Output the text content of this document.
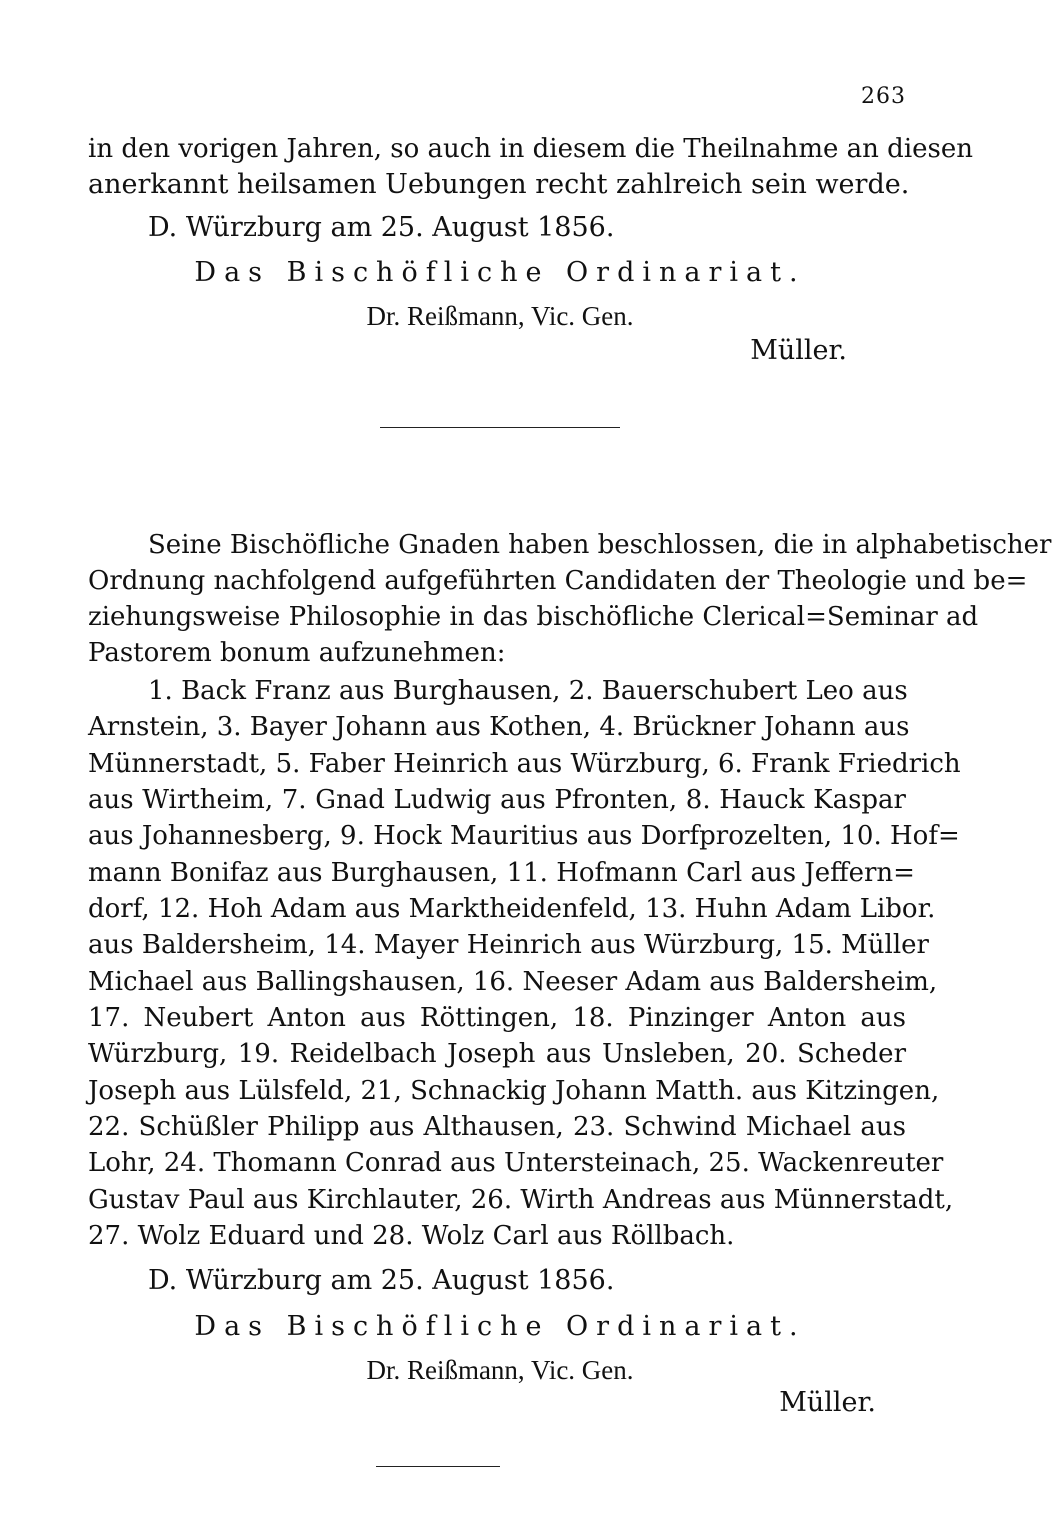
263
in den vorigen Jahren, so auch in diesem die Theilnahme an diesen
anerkannt heilsamen Uebungen recht zahlreich sein werde.
D. Würzburg am 25. August 1856.
Das Bischöfliche Ordinariat.
Dr. Reißmann, Vic. Gen.
Müller.
Seine Bischöfliche Gnaden haben beschlossen, die in alphabetischer
Ordnung nachfolgend aufgeführten Candidaten der Theologie und be=
ziehungsweise Philosophie in das bischöfliche Clerical=Seminar ad
Pastorem bonum aufzunehmen:
1. Back Franz aus Burghausen, 2. Bauerschubert Leo aus
Arnstein, 3. Bayer Johann aus Kothen, 4. Brückner Johann aus
Münnerstadt, 5. Faber Heinrich aus Würzburg, 6. Frank Friedrich
aus Wirtheim, 7. Gnad Ludwig aus Pfronten, 8. Hauck Kaspar
aus Johannesberg, 9. Hock Mauritius aus Dorfprozelten, 10. Hof=
mann Bonifaz aus Burghausen, 11. Hofmann Carl aus Jeffern=
dorf, 12. Hoh Adam aus Marktheidenfeld, 13. Huhn Adam Libor.
aus Baldersheim, 14. Mayer Heinrich aus Würzburg, 15. Müller
Michael aus Ballingshausen, 16. Neeser Adam aus Baldersheim,
17. Neubert Anton aus Röttingen, 18. Pinzinger Anton aus
Würzburg, 19. Reidelbach Joseph aus Unsleben, 20. Scheder
Joseph aus Lülsfeld, 21, Schnackig Johann Matth. aus Kitzingen,
22. Schüßler Philipp aus Althausen, 23. Schwind Michael aus
Lohr, 24. Thomann Conrad aus Untersteinach, 25. Wackenreuter
Gustav Paul aus Kirchlauter, 26. Wirth Andreas aus Münnerstadt,
27. Wolz Eduard und 28. Wolz Carl aus Röllbach.
D. Würzburg am 25. August 1856.
Das Bischöfliche Ordinariat.
Dr. Reißmann, Vic. Gen.
Müller.
